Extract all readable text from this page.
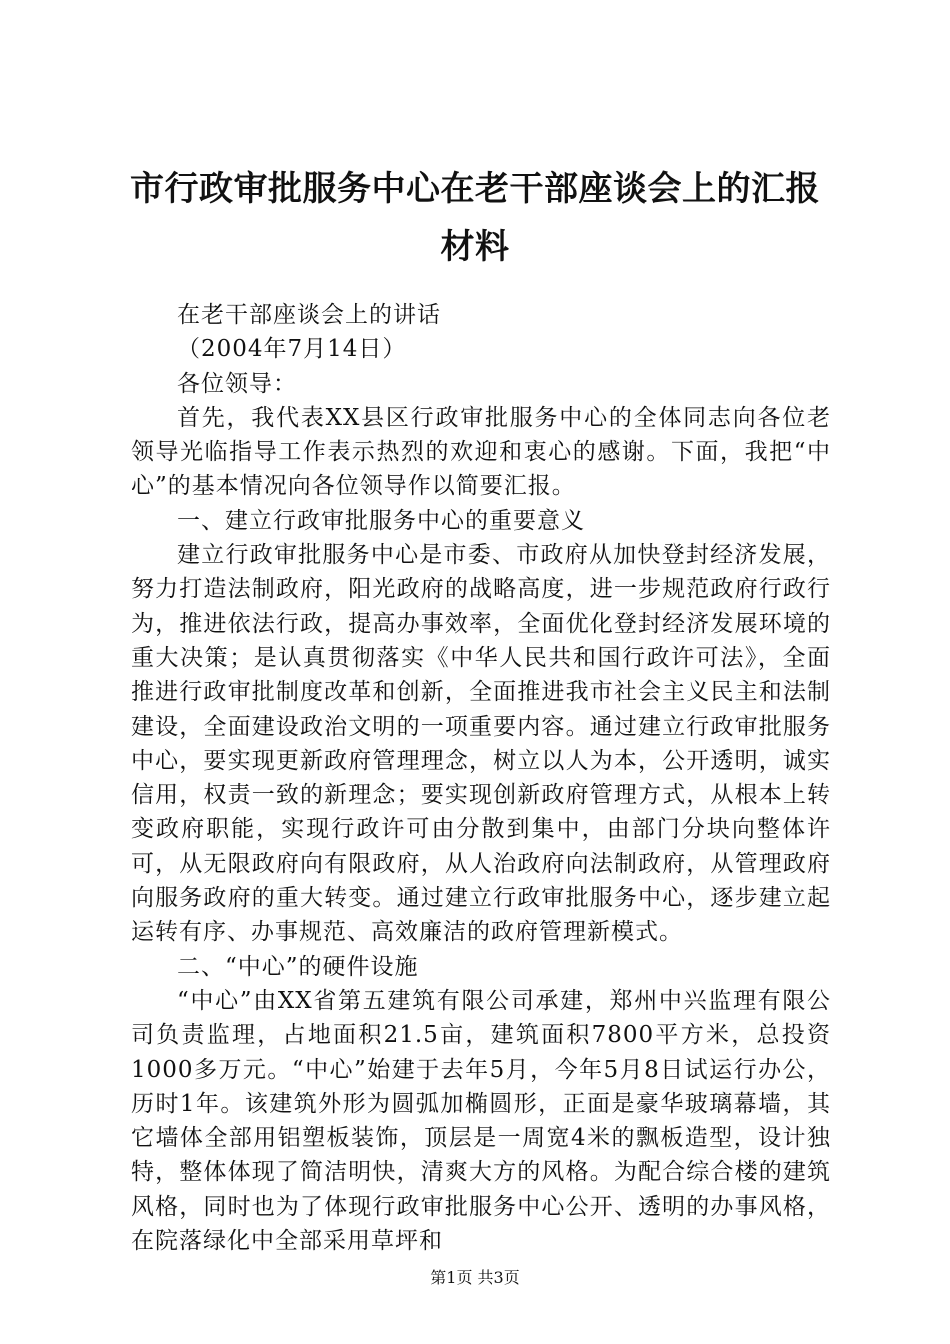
市行政审批服务中心在老干部座谈会上的汇报材料

在老干部座谈会上的讲话

（2004年7月14日）

各位领导：

首先，我代表XX县区行政审批服务中心的全体同志向各位老领导光临指导工作表示热烈的欢迎和衷心的感谢。下面，我把“中心”的基本情况向各位领导作以简要汇报。

一、建立行政审批服务中心的重要意义

建立行政审批服务中心是市委、市政府从加快登封经济发展，努力打造法制政府，阳光政府的战略高度，进一步规范政府行政行为，推进依法行政，提高办事效率，全面优化登封经济发展环境的重大决策；是认真贯彻落实《中华人民共和国行政许可法》，全面推进行政审批制度改革和创新，全面推进我市社会主义民主和法制建设，全面建设政治文明的一项重要内容。通过建立行政审批服务中心，要实现更新政府管理理念，树立以人为本，公开透明，诚实信用，权责一致的新理念；要实现创新政府管理方式，从根本上转变政府职能，实现行政许可由分散到集中，由部门分块向整体许可，从无限政府向有限政府，从人治政府向法制政府，从管理政府向服务政府的重大转变。通过建立行政审批服务中心，逐步建立起运转有序、办事规范、高效廉洁的政府管理新模式。

二、“中心”的硬件设施

“中心”由XX省第五建筑有限公司承建，郑州中兴监理有限公司负责监理，占地面积21.5亩，建筑面积7800平方米，总投资1000多万元。“中心”始建于去年5月，今年5月8日试运行办公，历时1年。该建筑外形为圆弧加椭圆形，正面是豪华玻璃幕墙，其它墙体全部用铝塑板装饰，顶层是一周宽4米的飘板造型，设计独特，整体体现了简洁明快，清爽大方的风格。为配合综合楼的建筑风格，同时也为了体现行政审批服务中心公开、透明的办事风格，在院落绿化中全部采用草坪和

第1页 共3页
